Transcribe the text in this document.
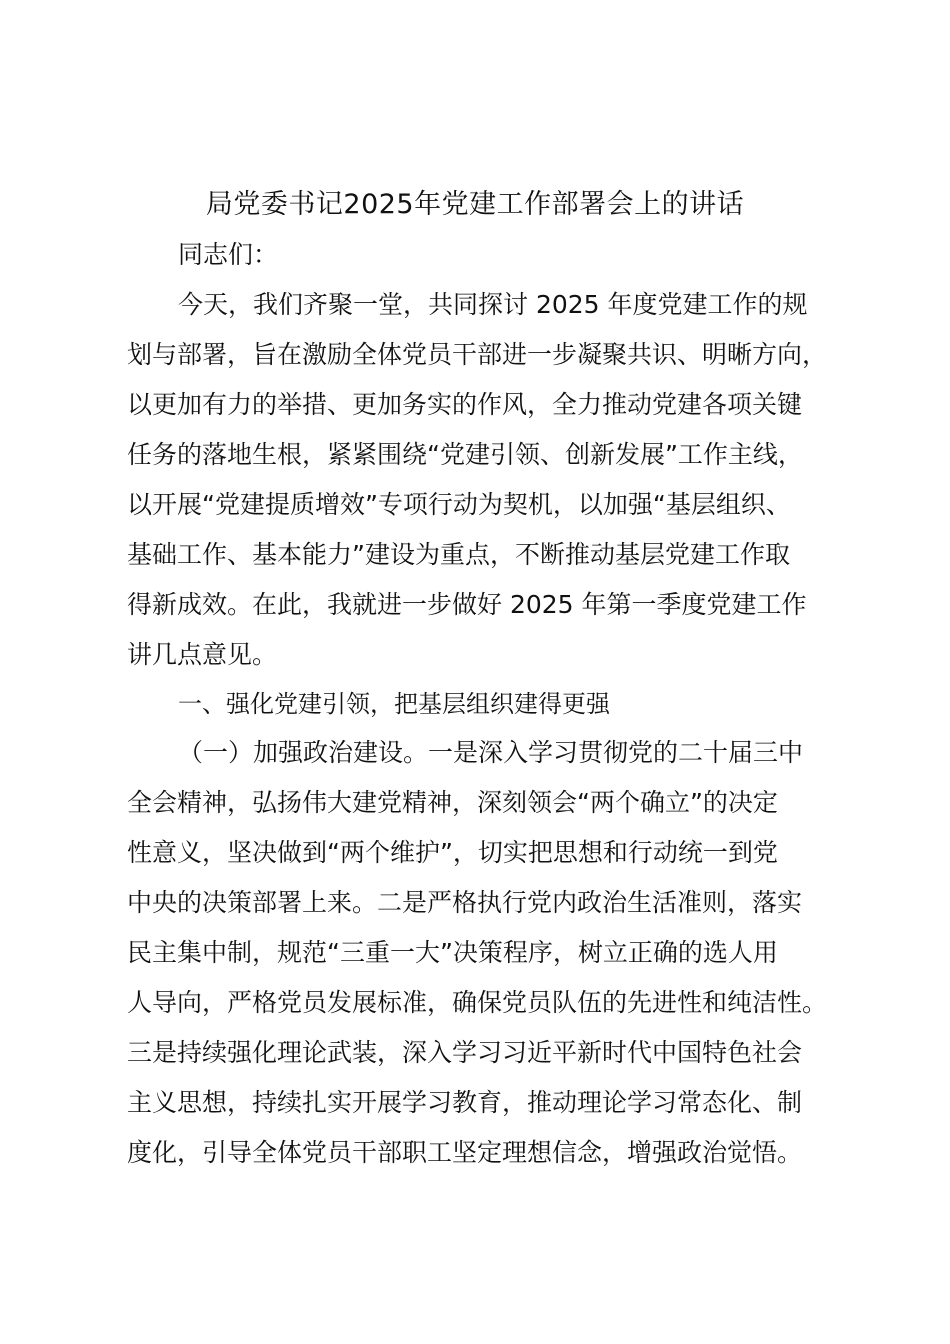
局党委书记2025年党建工作部署会上的讲话
同志们：
今天，我们齐聚一堂，共同探讨 2025 年度党建工作的规
划与部署，旨在激励全体党员干部进一步凝聚共识、明晰方向，
以更加有力的举措、更加务实的作风，全力推动党建各项关键
任务的落地生根，紧紧围绕“党建引领、创新发展”工作主线，
以开展“党建提质增效”专项行动为契机，以加强“基层组织、
基础工作、基本能力”建设为重点，不断推动基层党建工作取
得新成效。在此，我就进一步做好 2025 年第一季度党建工作
讲几点意见。
一、强化党建引领，把基层组织建得更强
（一）加强政治建设。一是深入学习贯彻党的二十届三中
全会精神，弘扬伟大建党精神，深刻领会“两个确立”的决定
性意义，坚决做到“两个维护”，切实把思想和行动统一到党
中央的决策部署上来。二是严格执行党内政治生活准则，落实
民主集中制，规范“三重一大”决策程序，树立正确的选人用
人导向，严格党员发展标准，确保党员队伍的先进性和纯洁性。
三是持续强化理论武装，深入学习习近平新时代中国特色社会
主义思想，持续扎实开展学习教育，推动理论学习常态化、制
度化，引导全体党员干部职工坚定理想信念，增强政治觉悟。
